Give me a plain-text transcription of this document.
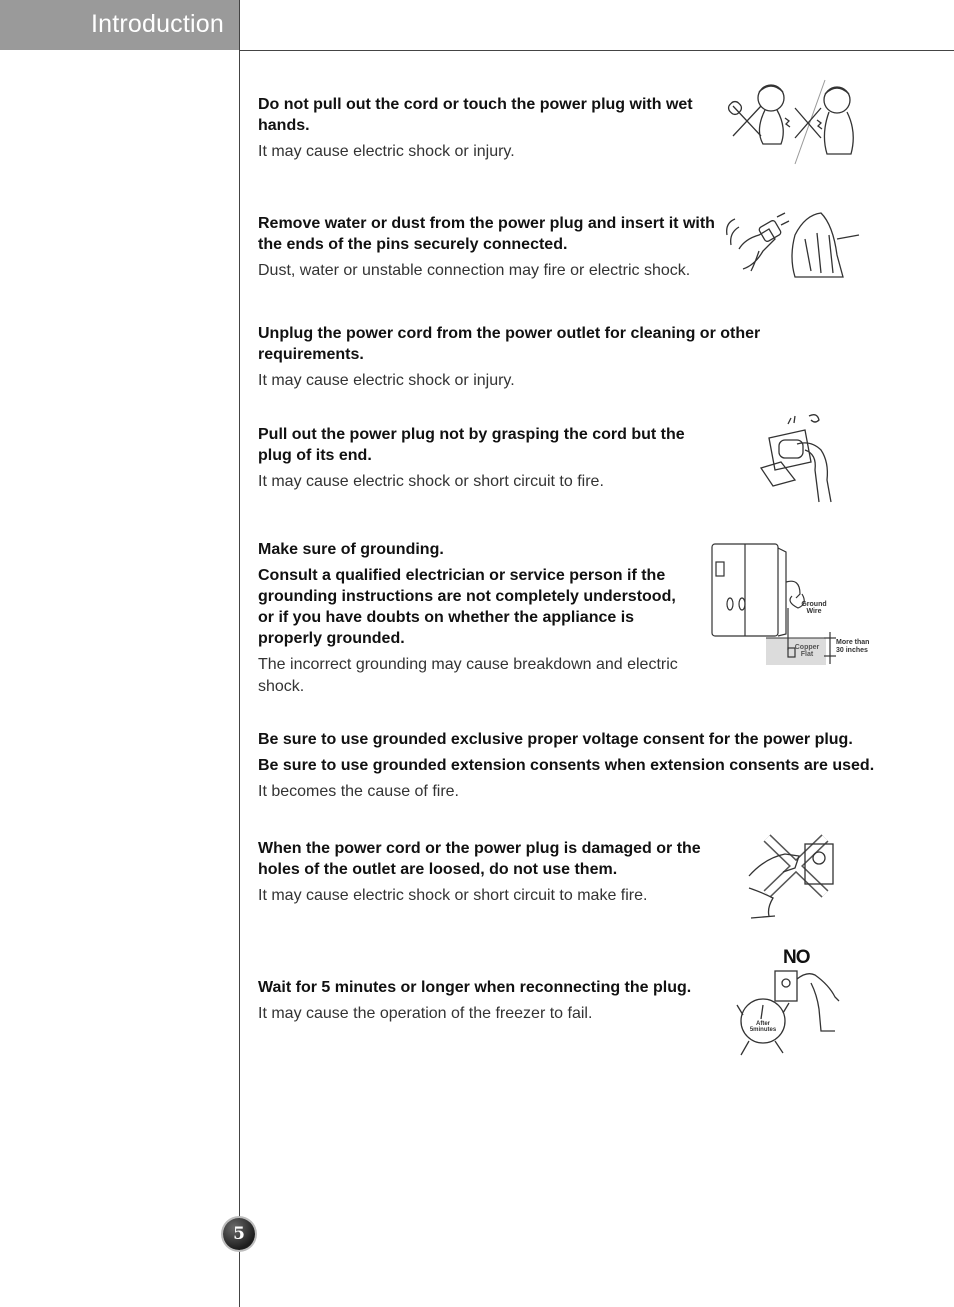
Introduction
Do not pull out the cord or touch the power plug with wet hands.
It may cause electric shock or injury.
Remove water or dust from the power plug and insert it with the ends of the pins securely connected.
Dust, water or unstable connection may fire or electric shock.
Unplug the power cord from the power outlet for cleaning or other requirements.
It may cause electric shock or injury.
Pull out the power plug not by grasping the cord but the plug of its end.
It may cause electric shock or short circuit to fire.
Make sure of grounding.
Consult a qualified electrician or service person if the grounding instructions are not completely understood, or if you have doubts on whether the appliance is properly grounded.
The incorrect grounding may cause breakdown and electric shock.
Ground
Wire
Copper
Flat
More than
30 inches
Be sure to use grounded exclusive proper voltage consent for the power plug.
Be sure to use grounded extension consents when extension consents are used.
It becomes the cause of fire.
When the power cord or the power plug is damaged or the holes of the outlet are loosed, do not use them.
It may cause electric shock or short circuit to make fire.
Wait for 5 minutes or longer when reconnecting the plug.
It may cause the operation of the freezer to fail.
NO
After
5minutes
5
